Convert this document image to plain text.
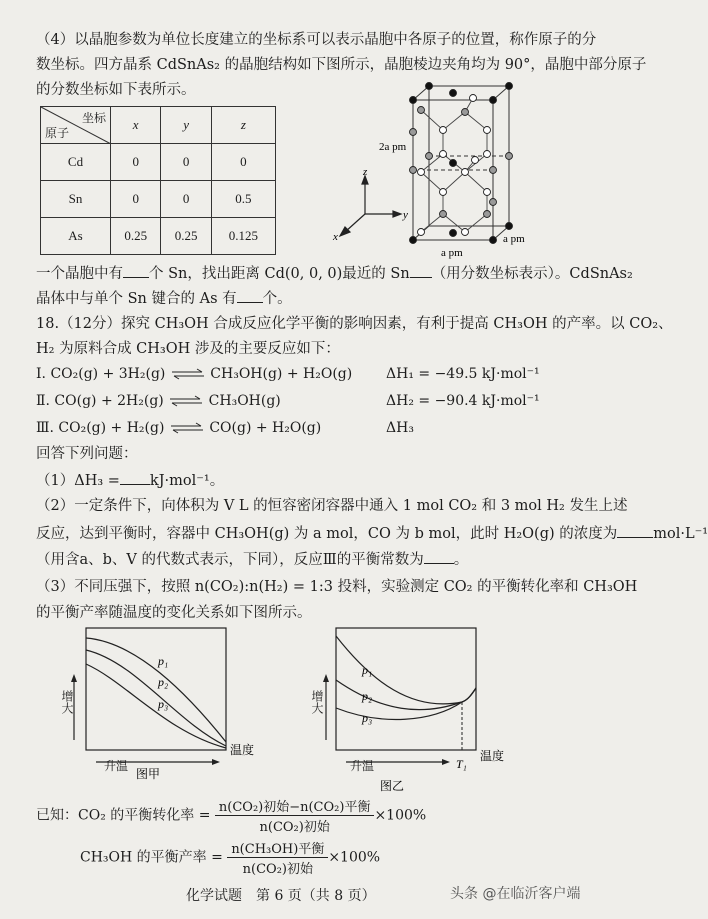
（4）以晶胞参数为单位长度建立的坐标系可以表示晶胞中各原子的位置，称作原子的分
数坐标。四方晶系 CdSnAs₂ 的晶胞结构如下图所示，晶胞棱边夹角均为 90°，晶胞中部分原子
的分数坐标如下表所示。
坐标
原子	x	y	z
Cd	0	0	0
Sn	0	0	0.5
As	0.25	0.25	0.125
z
y
x
2a pm
a pm
a pm
一个晶胞中有 个 Sn，找出距离 Cd(0, 0, 0)最近的 Sn （用分数坐标表示）。CdSnAs₂
晶体中与单个 Sn 键合的 As 有 个。
18.（12分）探究 CH₃OH 合成反应化学平衡的影响因素，有利于提高 CH₃OH 的产率。以 CO₂、
H₂ 为原料合成 CH₃OH 涉及的主要反应如下：
Ⅰ. CO₂(g) + 3H₂(g) ⇌ CH₃OH(g) + H₂O(g) ΔH₁ = −49.5 kJ·mol⁻¹
Ⅱ. CO(g) + 2H₂(g) ⇌ CH₃OH(g)	ΔH₂ = −90.4 kJ·mol⁻¹
Ⅲ. CO₂(g) + H₂(g) ⇌ CO(g) + H₂O(g)	ΔH₃
回答下列问题：
（1）ΔH₃ = kJ·mol⁻¹。
（2）一定条件下，向体积为 V L 的恒容密闭容器中通入 1 mol CO₂ 和 3 mol H₂ 发生上述
反应，达到平衡时，容器中 CH₃OH(g) 为 a mol，CO 为 b mol，此时 H₂O(g) 的浓度为 mol·L⁻¹
（用含a、b、V 的代数式表示，下同），反应Ⅲ的平衡常数为 。
（3）不同压强下，按照 n(CO₂):n(H₂) = 1:3 投料，实验测定 CO₂ 的平衡转化率和 CH₃OH
的平衡产率随温度的变化关系如下图所示。
p₁
p₂
p₃
温度
图甲
增大
升温
p₁
p₂
p₃
T₁
温度
图乙
增大
升温
已知：CO₂ 的平衡转化率 = $\frac{\text{n(CO₂)初始−n(CO₂)平衡}}{\text{n(CO₂)初始}} \times 100\%$
CH₃OH 的平衡产率 = $\frac{\text{n(CH₃OH)平衡}}{\text{n(CO₂)初始}} \times 100\%$
化学试题　第 6 页（共 8 页）	头条 @在临沂客户端
